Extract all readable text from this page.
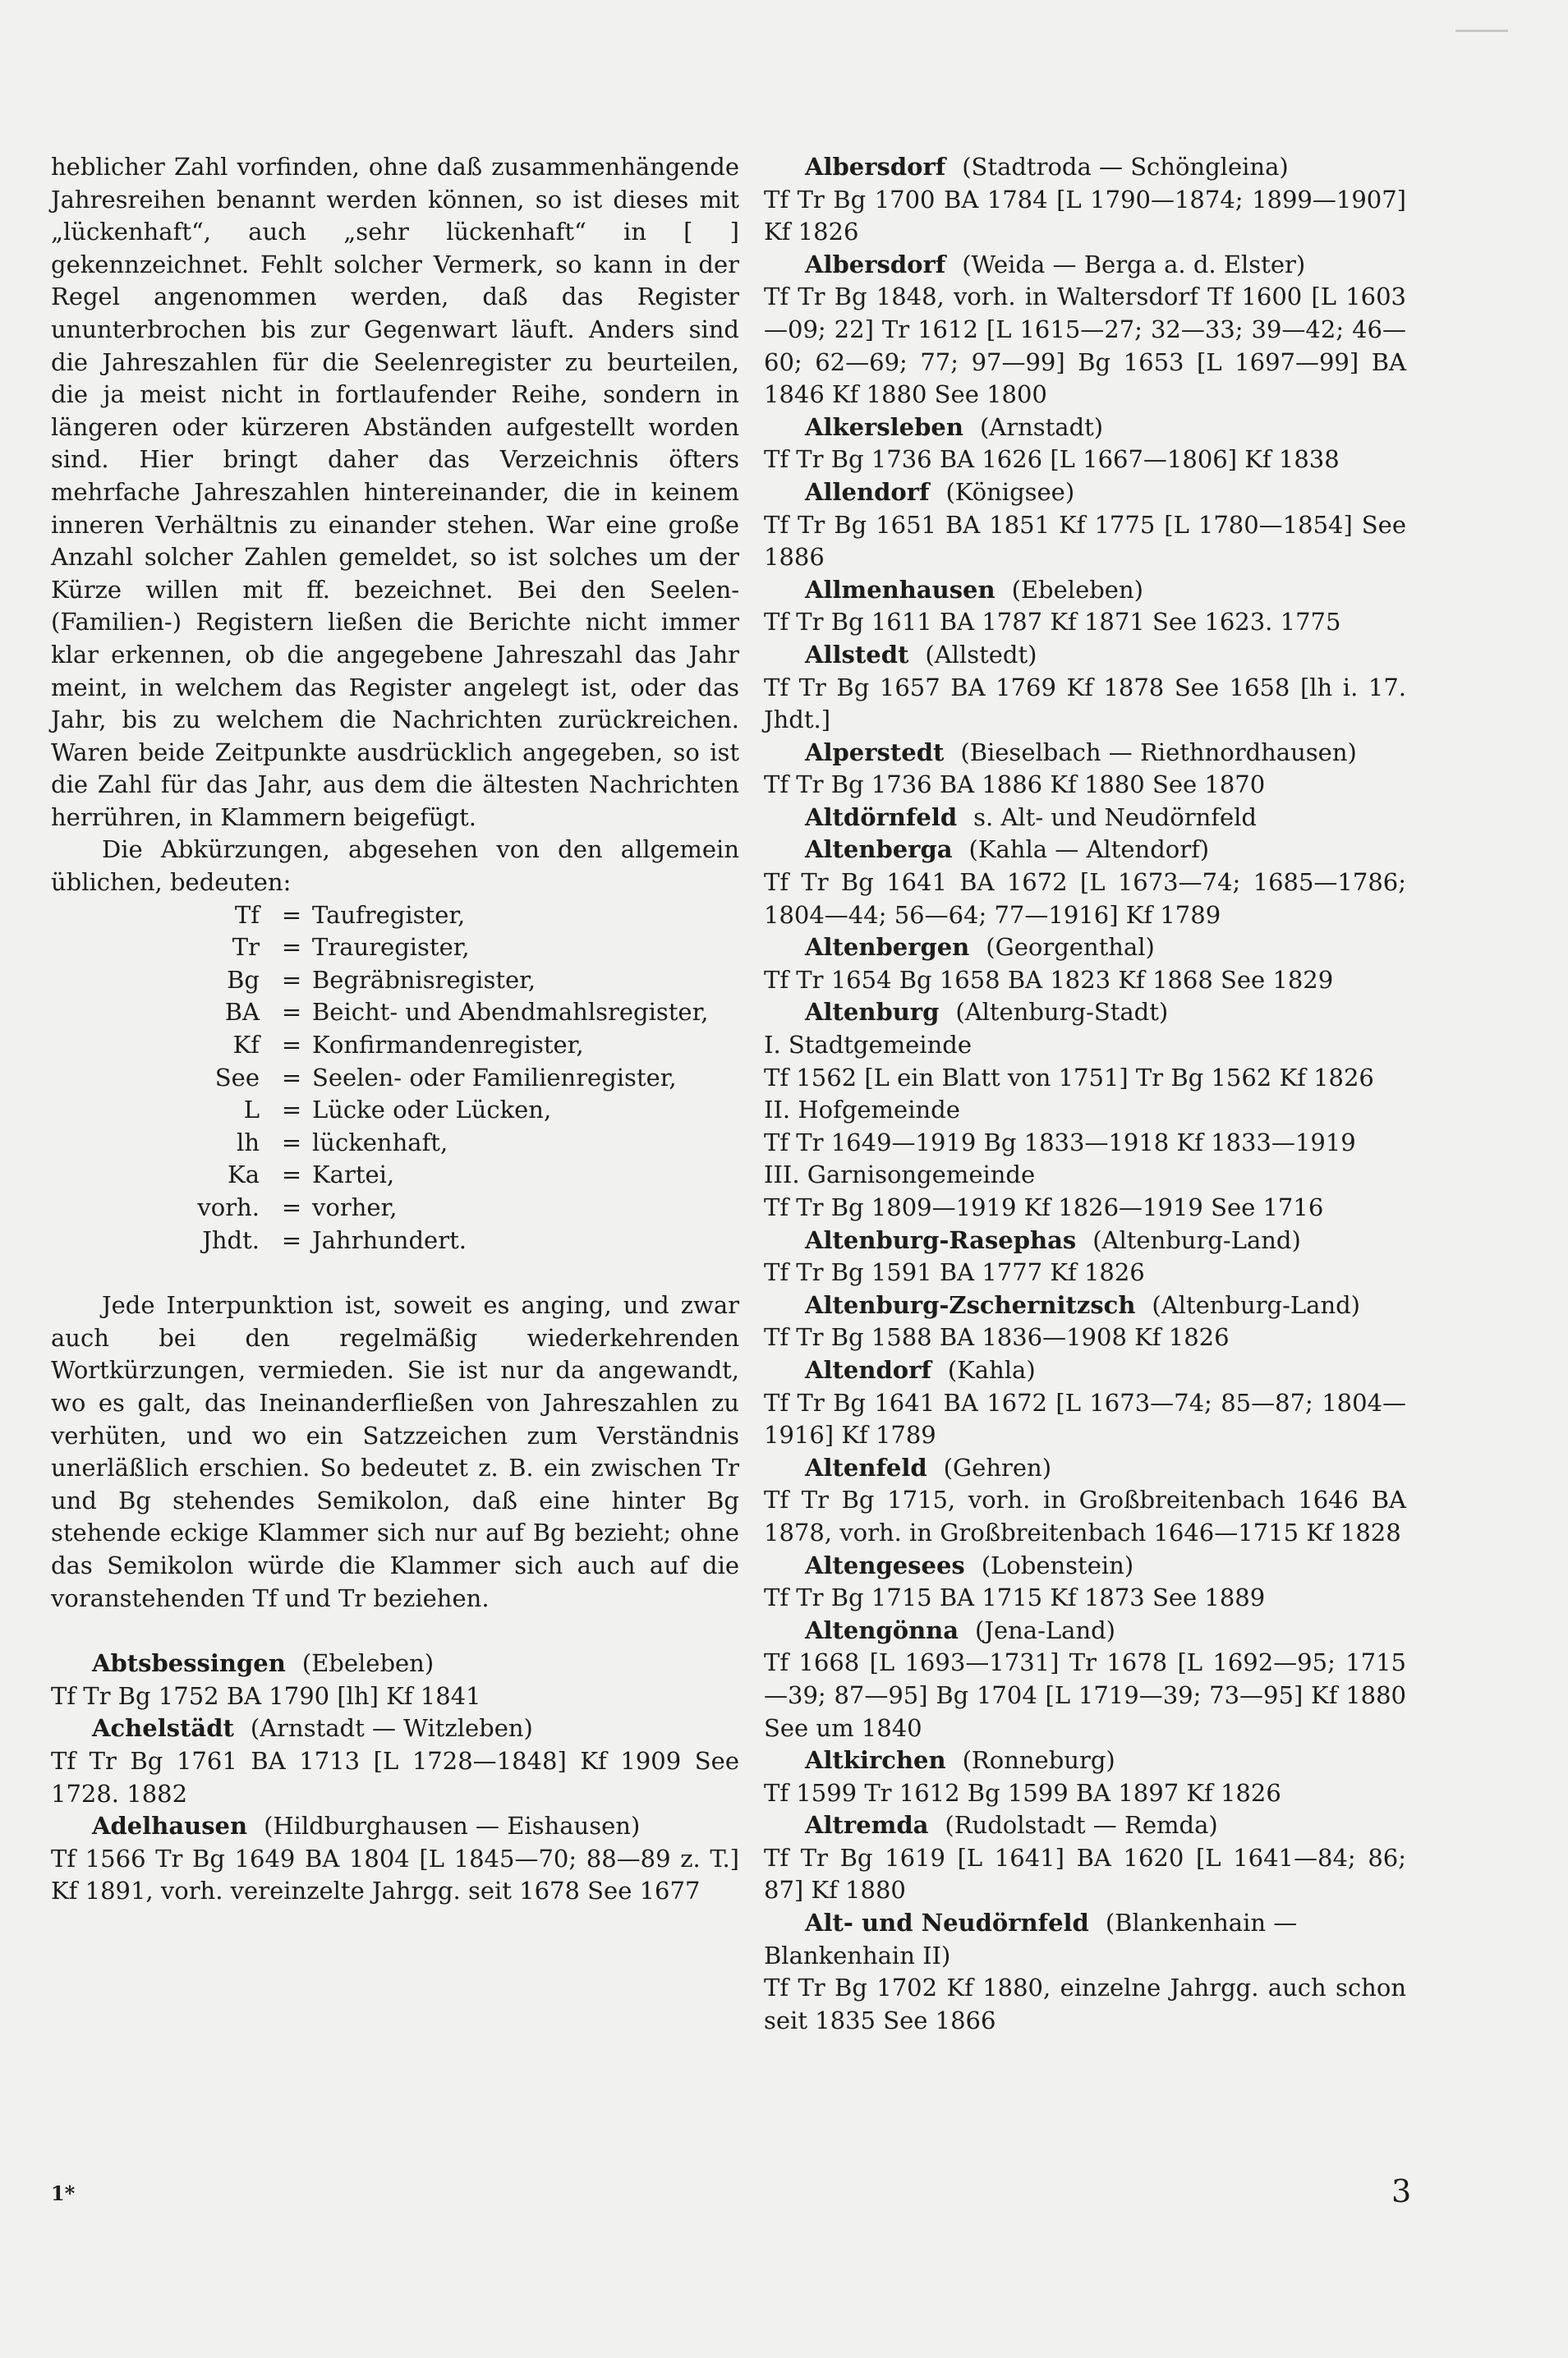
heblicher Zahl vorfinden, ohne daß zusammenhängende Jahresreihen benannt werden können, so ist dieses mit „lückenhaft“, auch „sehr lückenhaft“ in [ ] gekennzeichnet. Fehlt solcher Vermerk, so kann in der Regel angenommen werden, daß das Register ununterbrochen bis zur Gegenwart läuft. Anders sind die Jahreszahlen für die Seelenregister zu beurteilen, die ja meist nicht in fortlaufender Reihe, sondern in längeren oder kürzeren Abständen aufgestellt worden sind. Hier bringt daher das Verzeichnis öfters mehrfache Jahreszahlen hintereinander, die in keinem inneren Verhältnis zu einander stehen. War eine große Anzahl solcher Zahlen gemeldet, so ist solches um der Kürze willen mit ff. bezeichnet. Bei den Seelen- (Familien-) Registern ließen die Berichte nicht immer klar erkennen, ob die angegebene Jahreszahl das Jahr meint, in welchem das Register angelegt ist, oder das Jahr, bis zu welchem die Nachrichten zurückreichen. Waren beide Zeitpunkte ausdrücklich angegeben, so ist die Zahl für das Jahr, aus dem die ältesten Nachrichten herrühren, in Klammern beigefügt.

Die Abkürzungen, abgesehen von den allgemein üblichen, bedeuten:

Tf = Taufregister,
Tr = Trauregister,
Bg = Begräbnisregister,
BA = Beicht- und Abendmahlsregister,
Kf = Konfirmandenregister,
See = Seelen- oder Familienregister,
L = Lücke oder Lücken,
lh = lückenhaft,
Ka = Kartei,
vorh. = vorher,
Jhdt. = Jahrhundert.

Jede Interpunktion ist, soweit es anging, und zwar auch bei den regelmäßig wiederkehrenden Wortkürzungen, vermieden. Sie ist nur da angewandt, wo es galt, das Ineinanderfließen von Jahreszahlen zu verhüten, und wo ein Satzzeichen zum Verständnis unerläßlich erschien. So bedeutet z. B. ein zwischen Tr und Bg stehendes Semikolon, daß eine hinter Bg stehende eckige Klammer sich nur auf Bg bezieht; ohne das Semikolon würde die Klammer sich auch auf die voranstehenden Tf und Tr beziehen.

Abtsbessingen (Ebeleben)

Tf Tr Bg 1752 BA 1790 [lh] Kf 1841

Achelstädt (Arnstadt — Witzleben)

Tf Tr Bg 1761 BA 1713 [L 1728—1848] Kf 1909 See 1728. 1882

Adelhausen (Hildburghausen — Eishausen)

Tf 1566 Tr Bg 1649 BA 1804 [L 1845—70; 88—89 z. T.] Kf 1891, vorh. vereinzelte Jahrgg. seit 1678 See 1677

Albersdorf (Stadtroda — Schöngleina)

Tf Tr Bg 1700 BA 1784 [L 1790—1874; 1899—1907] Kf 1826

Albersdorf (Weida — Berga a. d. Elster)

Tf Tr Bg 1848, vorh. in Waltersdorf Tf 1600 [L 1603—09; 22] Tr 1612 [L 1615—27; 32—33; 39—42; 46—60; 62—69; 77; 97—99] Bg 1653 [L 1697—99] BA 1846 Kf 1880 See 1800

Alkersleben (Arnstadt)

Tf Tr Bg 1736 BA 1626 [L 1667—1806] Kf 1838

Allendorf (Königsee)

Tf Tr Bg 1651 BA 1851 Kf 1775 [L 1780—1854] See 1886

Allmenhausen (Ebeleben)

Tf Tr Bg 1611 BA 1787 Kf 1871 See 1623. 1775

Allstedt (Allstedt)

Tf Tr Bg 1657 BA 1769 Kf 1878 See 1658 [lh i. 17. Jhdt.]

Alperstedt (Bieselbach — Riethnordhausen)

Tf Tr Bg 1736 BA 1886 Kf 1880 See 1870

Altdörnfeld s. Alt- und Neudörnfeld
Altenberga (Kahla — Altendorf)

Tf Tr Bg 1641 BA 1672 [L 1673—74; 1685—1786; 1804—44; 56—64; 77—1916] Kf 1789

Altenbergen (Georgenthal)

Tf Tr 1654 Bg 1658 BA 1823 Kf 1868 See 1829

Altenburg (Altenburg-Stadt)

I. Stadtgemeinde

Tf 1562 [L ein Blatt von 1751] Tr Bg 1562 Kf 1826

II. Hofgemeinde

Tf Tr 1649—1919 Bg 1833—1918 Kf 1833—1919

III. Garnisongemeinde

Tf Tr Bg 1809—1919 Kf 1826—1919 See 1716

Altenburg-Rasephas (Altenburg-Land)

Tf Tr Bg 1591 BA 1777 Kf 1826

Altenburg-Zschernitzsch (Altenburg-Land)

Tf Tr Bg 1588 BA 1836—1908 Kf 1826

Altendorf (Kahla)

Tf Tr Bg 1641 BA 1672 [L 1673—74; 85—87; 1804—1916] Kf 1789

Altenfeld (Gehren)

Tf Tr Bg 1715, vorh. in Großbreitenbach 1646 BA 1878, vorh. in Großbreitenbach 1646—1715 Kf 1828

Altengesees (Lobenstein)

Tf Tr Bg 1715 BA 1715 Kf 1873 See 1889

Altengönna (Jena-Land)

Tf 1668 [L 1693—1731] Tr 1678 [L 1692—95; 1715—39; 87—95] Bg 1704 [L 1719—39; 73—95] Kf 1880 See um 1840

Altkirchen (Ronneburg)

Tf 1599 Tr 1612 Bg 1599 BA 1897 Kf 1826

Altremda (Rudolstadt — Remda)

Tf Tr Bg 1619 [L 1641] BA 1620 [L 1641—84; 86; 87] Kf 1880

Alt- und Neudörnfeld (Blankenhain — Blankenhain II)

Tf Tr Bg 1702 Kf 1880, einzelne Jahrgg. auch schon seit 1835 See 1866

1*	3
